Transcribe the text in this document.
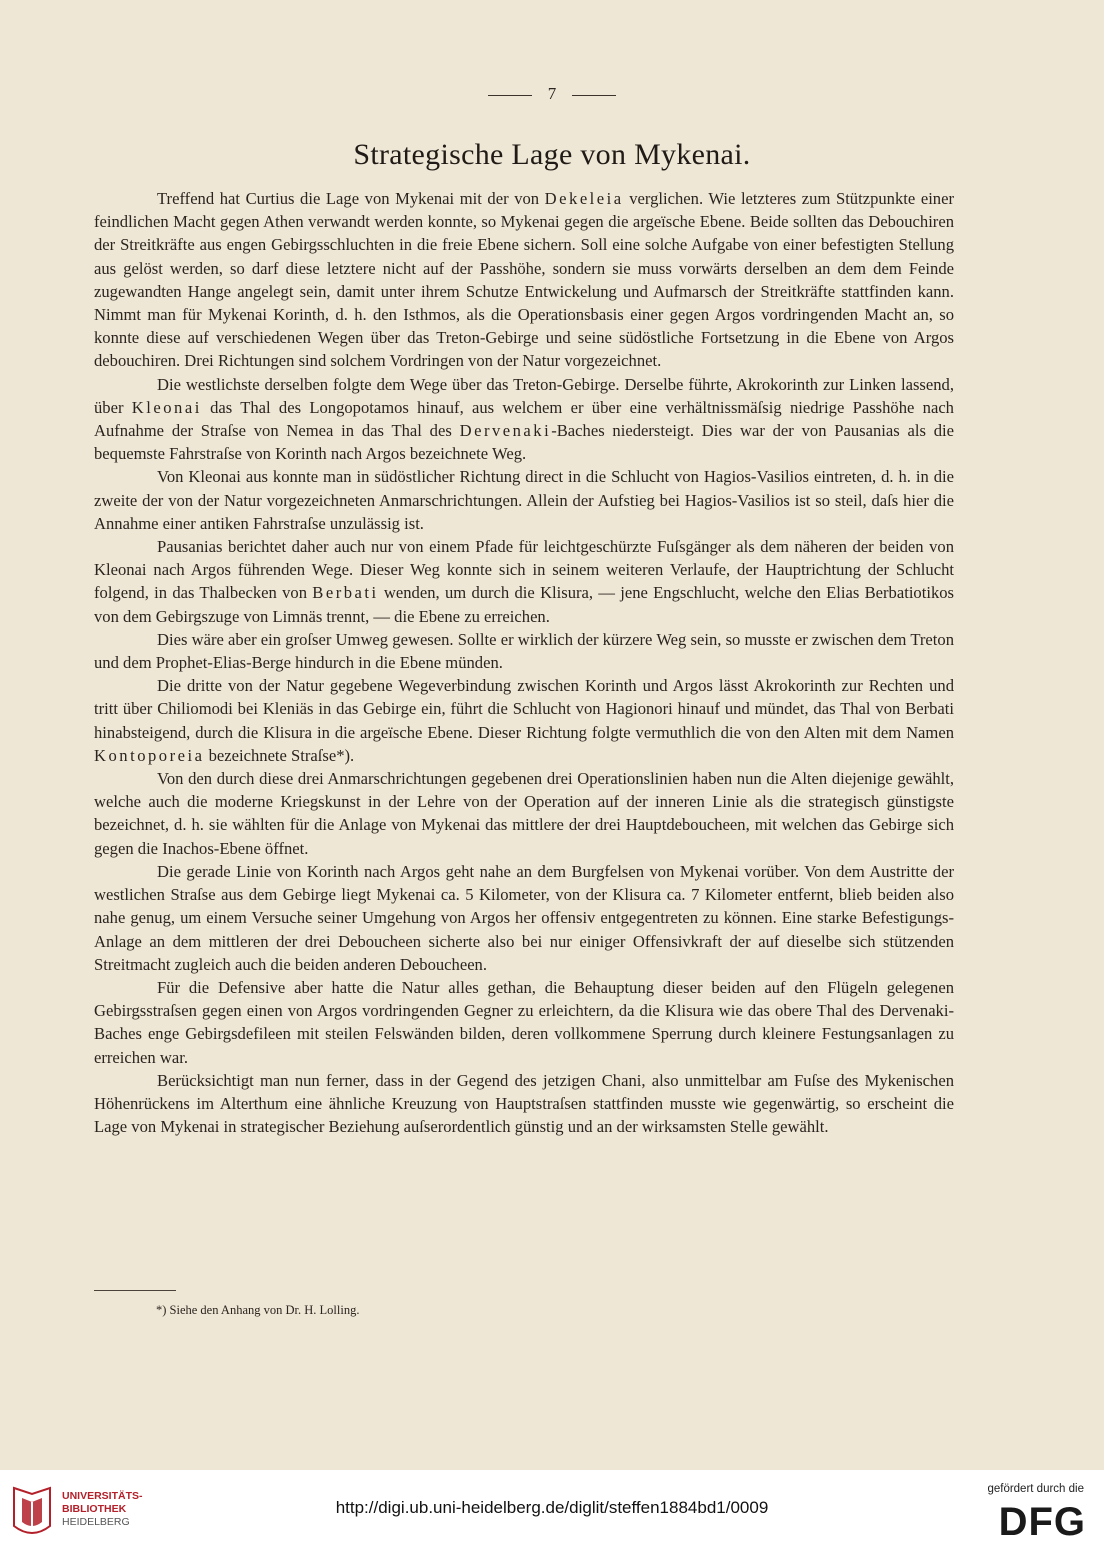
7
Strategische Lage von Mykenai.

Treffend hat Curtius die Lage von Mykenai mit der von Dekeleia verglichen. Wie letzteres zum Stützpunkte einer feindlichen Macht gegen Athen verwandt werden konnte, so Mykenai gegen die argeïsche Ebene. Beide sollten das Debouchiren der Streitkräfte aus engen Gebirgsschluchten in die freie Ebene sichern. Soll eine solche Aufgabe von einer befestigten Stellung aus gelöst werden, so darf diese letztere nicht auf der Passhöhe, sondern sie muss vorwärts derselben an dem dem Feinde zugewandten Hange angelegt sein, damit unter ihrem Schutze Entwickelung und Aufmarsch der Streitkräfte stattfinden kann. Nimmt man für Mykenai Korinth, d. h. den Isthmos, als die Operationsbasis einer gegen Argos vordringenden Macht an, so konnte diese auf verschiedenen Wegen über das Treton-Gebirge und seine südöstliche Fortsetzung in die Ebene von Argos debouchiren. Drei Richtungen sind solchem Vordringen von der Natur vorgezeichnet.

Die westlichste derselben folgte dem Wege über das Treton-Gebirge. Derselbe führte, Akrokorinth zur Linken lassend, über Kleonai das Thal des Longopotamos hinauf, aus welchem er über eine verhältnissmäſsig niedrige Passhöhe nach Aufnahme der Straſse von Nemea in das Thal des Dervenaki-Baches niedersteigt. Dies war der von Pausanias als die bequemste Fahrstraſse von Korinth nach Argos bezeichnete Weg.

Von Kleonai aus konnte man in südöstlicher Richtung direct in die Schlucht von Hagios-Vasilios eintreten, d. h. in die zweite der von der Natur vorgezeichneten Anmarschrichtungen. Allein der Aufstieg bei Hagios-Vasilios ist so steil, daſs hier die Annahme einer antiken Fahrstraſse unzulässig ist.

Pausanias berichtet daher auch nur von einem Pfade für leichtgeschürzte Fuſsgänger als dem näheren der beiden von Kleonai nach Argos führenden Wege. Dieser Weg konnte sich in seinem weiteren Verlaufe, der Hauptrichtung der Schlucht folgend, in das Thalbecken von Berbati wenden, um durch die Klisura, — jene Engschlucht, welche den Elias Berbatiotikos von dem Gebirgszuge von Limnäs trennt, — die Ebene zu erreichen.

Dies wäre aber ein groſser Umweg gewesen. Sollte er wirklich der kürzere Weg sein, so musste er zwischen dem Treton und dem Prophet-Elias-Berge hindurch in die Ebene münden.

Die dritte von der Natur gegebene Wegeverbindung zwischen Korinth und Argos lässt Akrokorinth zur Rechten und tritt über Chiliomodi bei Kleniäs in das Gebirge ein, führt die Schlucht von Hagionori hinauf und mündet, das Thal von Berbati hinabsteigend, durch die Klisura in die argeïsche Ebene. Dieser Richtung folgte vermuthlich die von den Alten mit dem Namen Kontoporeia bezeichnete Straſse*).

Von den durch diese drei Anmarschrichtungen gegebenen drei Operationslinien haben nun die Alten diejenige gewählt, welche auch die moderne Kriegskunst in der Lehre von der Operation auf der inneren Linie als die strategisch günstigste bezeichnet, d. h. sie wählten für die Anlage von Mykenai das mittlere der drei Hauptdeboucheen, mit welchen das Gebirge sich gegen die Inachos-Ebene öffnet.

Die gerade Linie von Korinth nach Argos geht nahe an dem Burgfelsen von Mykenai vorüber. Von dem Austritte der westlichen Straſse aus dem Gebirge liegt Mykenai ca. 5 Kilometer, von der Klisura ca. 7 Kilometer entfernt, blieb beiden also nahe genug, um einem Versuche seiner Umgehung von Argos her offensiv entgegentreten zu können. Eine starke Befestigungs-Anlage an dem mittleren der drei Deboucheen sicherte also bei nur einiger Offensivkraft der auf dieselbe sich stützenden Streitmacht zugleich auch die beiden anderen Deboucheen.

Für die Defensive aber hatte die Natur alles gethan, die Behauptung dieser beiden auf den Flügeln gelegenen Gebirgsstraſsen gegen einen von Argos vordringenden Gegner zu erleichtern, da die Klisura wie das obere Thal des Dervenaki-Baches enge Gebirgsdefileen mit steilen Felswänden bilden, deren vollkommene Sperrung durch kleinere Festungsanlagen zu erreichen war.

Berücksichtigt man nun ferner, dass in der Gegend des jetzigen Chani, also unmittelbar am Fuſse des Mykenischen Höhenrückens im Alterthum eine ähnliche Kreuzung von Hauptstraſsen stattfinden musste wie gegenwärtig, so erscheint die Lage von Mykenai in strategischer Beziehung auſserordentlich günstig und an der wirksamsten Stelle gewählt.

*) Siehe den Anhang von Dr. H. Lolling.
UNIVERSITÄTS-
BIBLIOTHEK
HEIDELBERG
http://digi.ub.uni-heidelberg.de/diglit/steffen1884bd1/0009
gefördert durch die
DFG
